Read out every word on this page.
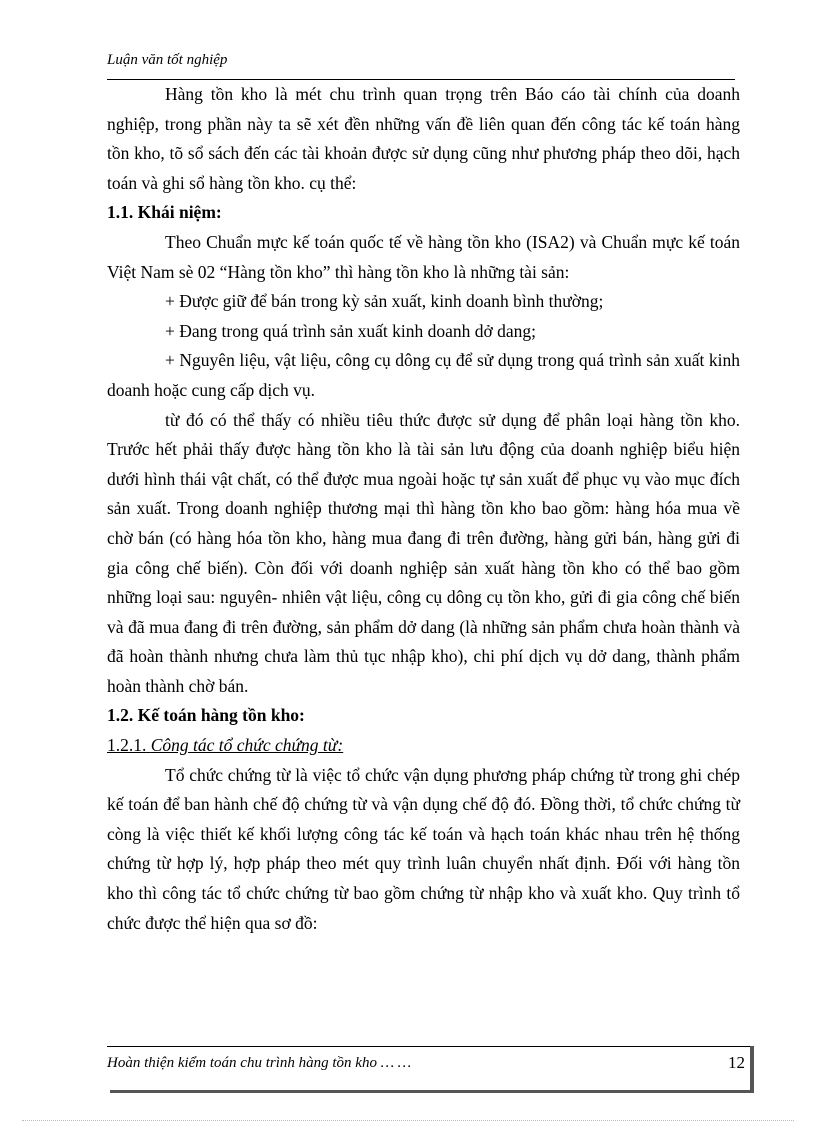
Luận văn tốt nghiệp

Hàng tồn kho là mét chu trình quan trọng trên Báo cáo tài chính của doanh nghiệp, trong phần này ta sẽ xét đền những vấn đề liên quan đến công tác kế toán hàng tồn kho, tõ sổ sách đến các tài khoản được sử dụng cũng như phương pháp theo dõi, hạch toán và ghi sổ hàng tồn kho. cụ thể:

1.1. Khái niệm:

Theo Chuẩn mực kế toán quốc tế về hàng tồn kho (ISA2) và Chuẩn mực kế toán Việt Nam sè 02 “Hàng tồn kho” thì hàng tồn kho là những tài sản:

+ Được giữ để bán trong kỳ sản xuất, kinh doanh bình thường;

+ Đang trong quá trình sản xuất kinh doanh dở dang;

+ Nguyên liệu, vật liệu, công cụ dông cụ để sử dụng trong quá trình sản xuất kinh doanh hoặc cung cấp dịch vụ.

từ đó có thể thấy có nhiều tiêu thức được sử dụng để phân loại hàng tồn kho. Trước hết phải thấy được hàng tồn kho là tài sản lưu động của doanh nghiệp biểu hiện dưới hình thái vật chất, có thể được mua ngoài hoặc tự sản xuất để phục vụ vào mục đích sản xuất. Trong doanh nghiệp thương mại thì hàng tồn kho bao gồm: hàng hóa mua về chờ bán (có hàng hóa tồn kho, hàng mua đang đi trên đường, hàng gửi bán, hàng gửi đi gia công chế biến). Còn đối với doanh nghiệp sản xuất hàng tồn kho có thể bao gồm những loại sau: nguyên- nhiên vật liệu, công cụ dông cụ tồn kho, gửi đi gia công chế biến và đã mua đang đi trên đường, sản phẩm dở dang (là những sản phẩm chưa hoàn thành và đã hoàn thành nhưng chưa làm thủ tục nhập kho), chi phí dịch vụ dở dang, thành phẩm hoàn thành chờ bán.

1.2. Kế toán hàng tồn kho:
1.2.1. Công tác tổ chức chứng từ:

Tổ chức chứng từ là việc tổ chức vận dụng phương pháp chứng từ trong ghi chép kế toán để ban hành chế độ chứng từ và vận dụng chế độ đó. Đồng thời, tổ chức chứng từ còng là việc thiết kế khối lượng công tác kế toán và hạch toán khác nhau trên hệ thống chứng từ hợp lý, hợp pháp theo mét quy trình luân chuyển nhất định. Đối với hàng tồn kho thì công tác tổ chức chứng từ bao gồm chứng từ nhập kho và xuất kho. Quy trình tổ chức được thể hiện qua sơ đồ:

Hoàn thiện kiểm toán chu trình hàng tồn kho … …	12
